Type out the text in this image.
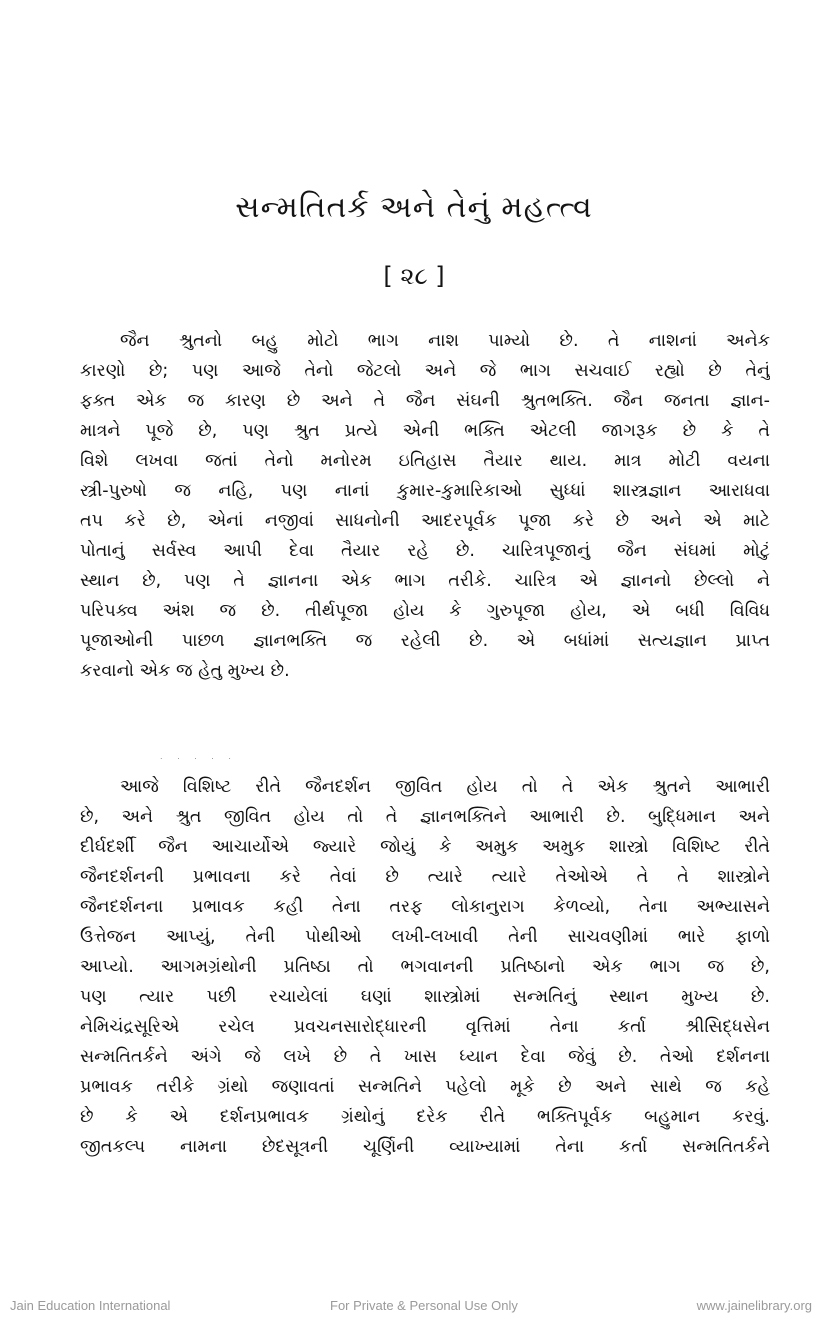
સન્મતિતર્ક અને તેનું મહત્ત્વ
[ ૨૮ ]
જૈન શ્રુતનો બહુ મોટો ભાગ નાશ પામ્યો છે. તે નાશનાં અનેક
કારણો છે; પણ આજે તેનો જેટલો અને જે ભાગ સચવાઈ રહ્યો છે તેનું
ફક્ત એક જ કારણ છે અને તે જૈન સંઘની શ્રુતભક્તિ. જૈન જનતા જ્ઞાન-
માત્રને પૂજે છે, પણ શ્રુત પ્રત્યે એની ભક્તિ એટલી જાગરૂક છે કે તે
વિશે લખવા જતાં તેનો મનોરમ ઇતિહાસ તૈયાર થાય. માત્ર મોટી વયના
સ્ત્રી-પુરુષો જ નહિ, પણ નાનાં કુમાર-કુમારિકાઓ સુધ્ધાં શાસ્ત્રજ્ઞાન આરાધવા
તપ કરે છે, એનાં નજીવાં સાધનોની આદરપૂર્વક પૂજા કરે છે અને એ માટે
પોતાનું સર્વસ્વ આપી દેવા તૈયાર રહે છે. ચારિત્રપૂજાનું જૈન સંઘમાં મોટું
સ્થાન છે, પણ તે જ્ઞાનના એક ભાગ તરીકે. ચારિત્ર એ જ્ઞાનનો છેલ્લો ને
પરિપક્વ અંશ જ છે. તીર્થપૂજા હોય કે ગુરુપૂજા હોય, એ બધી વિવિધ
પૂજાઓની પાછળ જ્ઞાનભક્તિ જ રહેલી છે. એ બધાંમાં સત્યજ્ઞાન પ્રાપ્ત
કરવાનો એક જ હેતુ મુખ્ય છે.
. . . . .
આજે વિશિષ્ટ રીતે જૈનદર્શન જીવિત હોય તો તે એક શ્રુતને આભારી
છે, અને શ્રુત જીવિત હોય તો તે જ્ઞાનભક્તિને આભારી છે. બુદ્ધિમાન અને
દીર્ઘદર્શી જૈન આચાર્યોએ જ્યારે જોયું કે અમુક અમુક શાસ્ત્રો વિશિષ્ટ રીતે
જૈનદર્શનની પ્રભાવના કરે તેવાં છે ત્યારે ત્યારે તેઓએ તે તે શાસ્ત્રોને
જૈનદર્શનના પ્રભાવક કહી તેના તરફ લોકાનુરાગ કેળવ્યો, તેના અભ્યાસને
ઉત્તેજન આપ્યું, તેની પોથીઓ લખી-લખાવી તેની સાચવણીમાં ભારે ફાળો
આપ્યો. આગમગ્રંથોની પ્રતિષ્ઠા તો ભગવાનની પ્રતિષ્ઠાનો એક ભાગ જ છે,
પણ ત્યાર પછી રચાયેલાં ઘણાં શાસ્ત્રોમાં સન્મતિનું સ્થાન મુખ્ય છે.
નેમિચંદ્રસૂરિએ રચેલ પ્રવચનસારોદ્ધારની વૃત્તિમાં તેના કર્તા શ્રીસિદ્ધસેન
સન્મતિતર્કને અંગે જે લખે છે તે ખાસ ધ્યાન દેવા જેવું છે. તેઓ દર્શનના
પ્રભાવક તરીકે ગ્રંથો જણાવતાં સન્મતિને પહેલો મૂકે છે અને સાથે જ કહે
છે કે એ દર્શનપ્રભાવક ગ્રંથોનું દરેક રીતે ભક્તિપૂર્વક બહુમાન કરવું.
જીતકલ્પ નામના છેદસૂત્રની ચૂર્ણિની વ્યાખ્યામાં તેના કર્તા સન્મતિતર્કને
Jain Education International	For Private & Personal Use Only	www.jainelibrary.org
